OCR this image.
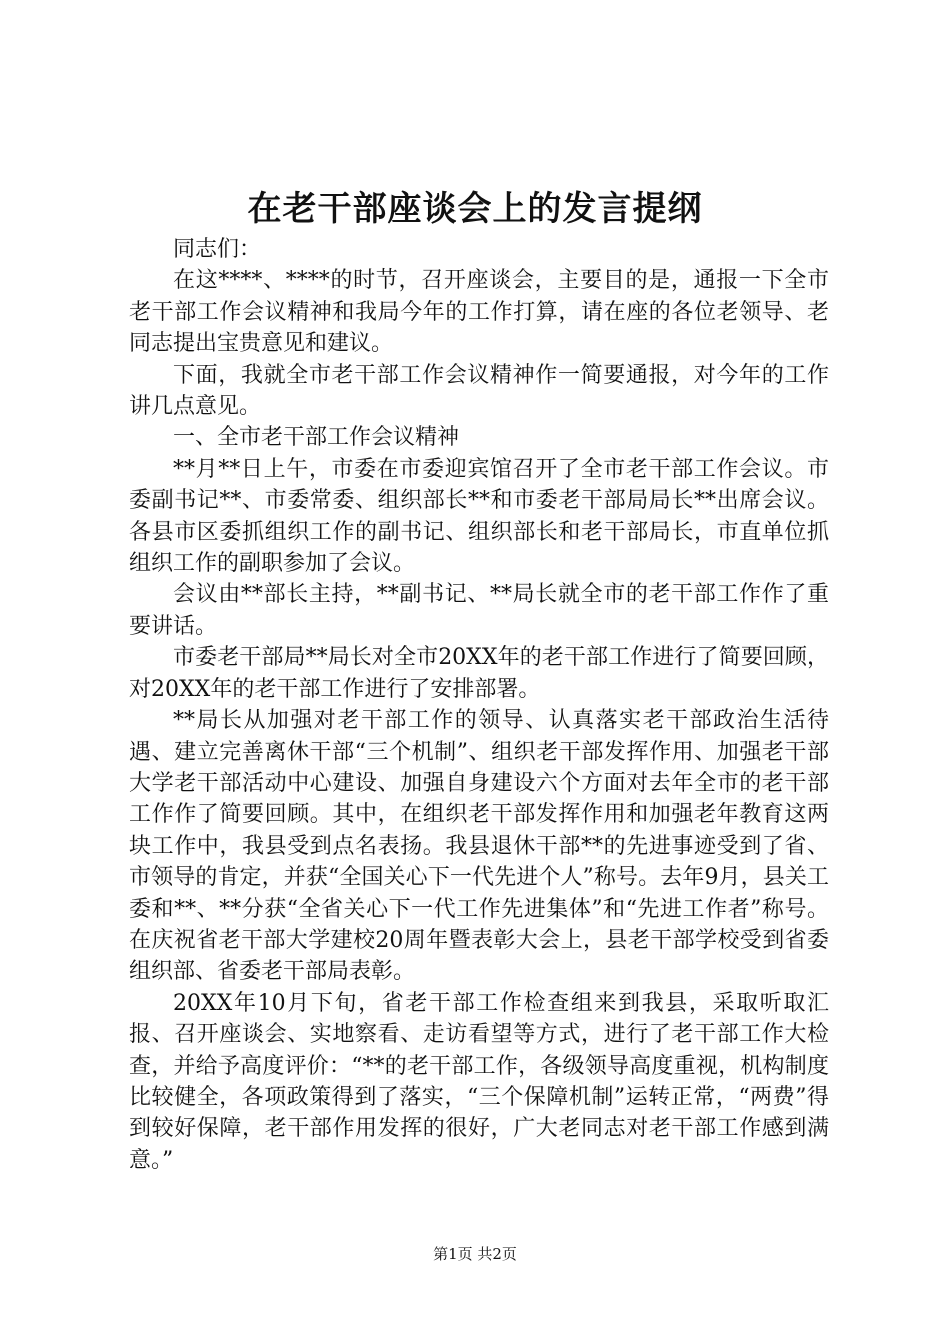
在老干部座谈会上的发言提纲

同志们：

在这****、****的时节，召开座谈会，主要目的是，通报一下全市老干部工作会议精神和我局今年的工作打算，请在座的各位老领导、老同志提出宝贵意见和建议。

下面，我就全市老干部工作会议精神作一简要通报，对今年的工作讲几点意见。

一、全市老干部工作会议精神

**月**日上午，市委在市委迎宾馆召开了全市老干部工作会议。市委副书记**、市委常委、组织部长**和市委老干部局局长**出席会议。各县市区委抓组织工作的副书记、组织部长和老干部局长，市直单位抓组织工作的副职参加了会议。

会议由**部长主持，**副书记、**局长就全市的老干部工作作了重要讲话。

市委老干部局**局长对全市20XX年的老干部工作进行了简要回顾，对20XX年的老干部工作进行了安排部署。

**局长从加强对老干部工作的领导、认真落实老干部政治生活待遇、建立完善离休干部“三个机制”、组织老干部发挥作用、加强老干部大学老干部活动中心建设、加强自身建设六个方面对去年全市的老干部工作作了简要回顾。其中，在组织老干部发挥作用和加强老年教育这两块工作中，我县受到点名表扬。我县退休干部**的先进事迹受到了省、市领导的肯定，并获“全国关心下一代先进个人”称号。去年9月，县关工委和**、**分获“全省关心下一代工作先进集体”和“先进工作者”称号。在庆祝省老干部大学建校20周年暨表彰大会上，县老干部学校受到省委组织部、省委老干部局表彰。

20XX年10月下旬，省老干部工作检查组来到我县，采取听取汇报、召开座谈会、实地察看、走访看望等方式，进行了老干部工作大检查，并给予高度评价：“**的老干部工作，各级领导高度重视，机构制度比较健全，各项政策得到了落实，“三个保障机制”运转正常，“两费”得到较好保障，老干部作用发挥的很好，广大老同志对老干部工作感到满意。”

第1页 共2页
